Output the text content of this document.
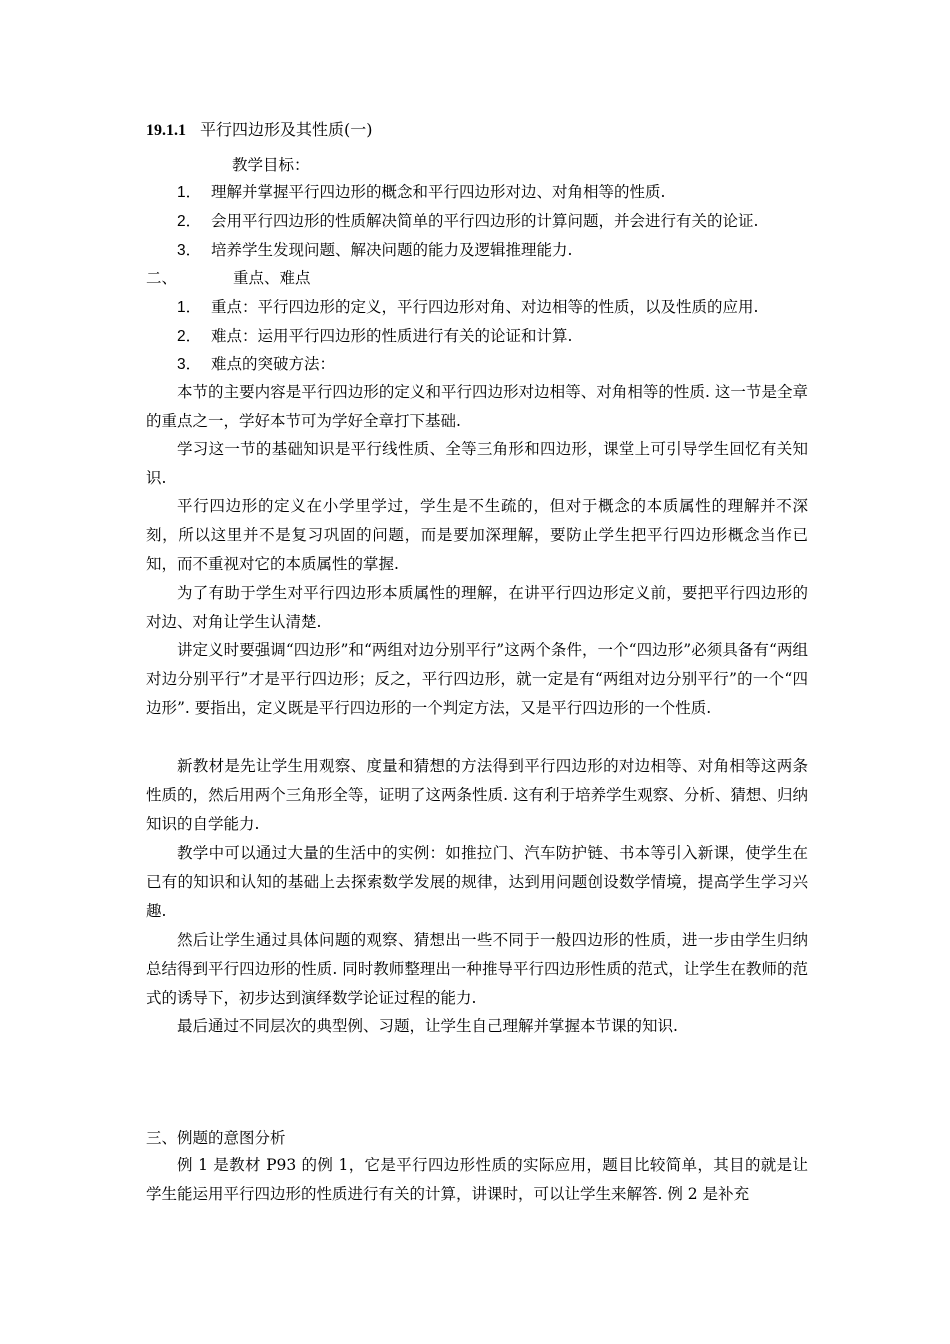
19.1.1 平行四边形及其性质(一)
教学目标：
1． 理解并掌握平行四边形的概念和平行四边形对边、对角相等的性质.
2． 会用平行四边形的性质解决简单的平行四边形的计算问题，并会进行有关的论证.
3． 培养学生发现问题、解决问题的能力及逻辑推理能力.
二、	重点、难点
1． 重点：平行四边形的定义，平行四边形对角、对边相等的性质，以及性质的应用.
2． 难点：运用平行四边形的性质进行有关的论证和计算.
3． 难点的突破方法：

本节的主要内容是平行四边形的定义和平行四边形对边相等、对角相等的性质. 这一节是全章的重点之一，学好本节可为学好全章打下基础.

学习这一节的基础知识是平行线性质、全等三角形和四边形，课堂上可引导学生回忆有关知识.

平行四边形的定义在小学里学过，学生是不生疏的，但对于概念的本质属性的理解并不深刻，所以这里并不是复习巩固的问题，而是要加深理解，要防止学生把平行四边形概念当作已知，而不重视对它的本质属性的掌握.

为了有助于学生对平行四边形本质属性的理解，在讲平行四边形定义前，要把平行四边形的对边、对角让学生认清楚.

讲定义时要强调“四边形”和“两组对边分别平行”这两个条件，一个“四边形”必须具备有“两组对边分别平行”才是平行四边形；反之，平行四边形，就一定是有“两组对边分别平行”的一个“四边形”. 要指出，定义既是平行四边形的一个判定方法，又是平行四边形的一个性质.

新教材是先让学生用观察、度量和猜想的方法得到平行四边形的对边相等、对角相等这两条性质的，然后用两个三角形全等，证明了这两条性质. 这有利于培养学生观察、分析、猜想、归纳知识的自学能力.

教学中可以通过大量的生活中的实例：如推拉门、汽车防护链、书本等引入新课，使学生在已有的知识和认知的基础上去探索数学发展的规律，达到用问题创设数学情境，提高学生学习兴趣.

然后让学生通过具体问题的观察、猜想出一些不同于一般四边形的性质，进一步由学生归纳总结得到平行四边形的性质. 同时教师整理出一种推导平行四边形性质的范式，让学生在教师的范式的诱导下，初步达到演绎数学论证过程的能力.

最后通过不同层次的典型例、习题，让学生自己理解并掌握本节课的知识.

三、例题的意图分析

例 1 是教材 P93 的例 1，它是平行四边形性质的实际应用，题目比较简单，其目的就是让学生能运用平行四边形的性质进行有关的计算，讲课时，可以让学生来解答. 例 2 是补充
